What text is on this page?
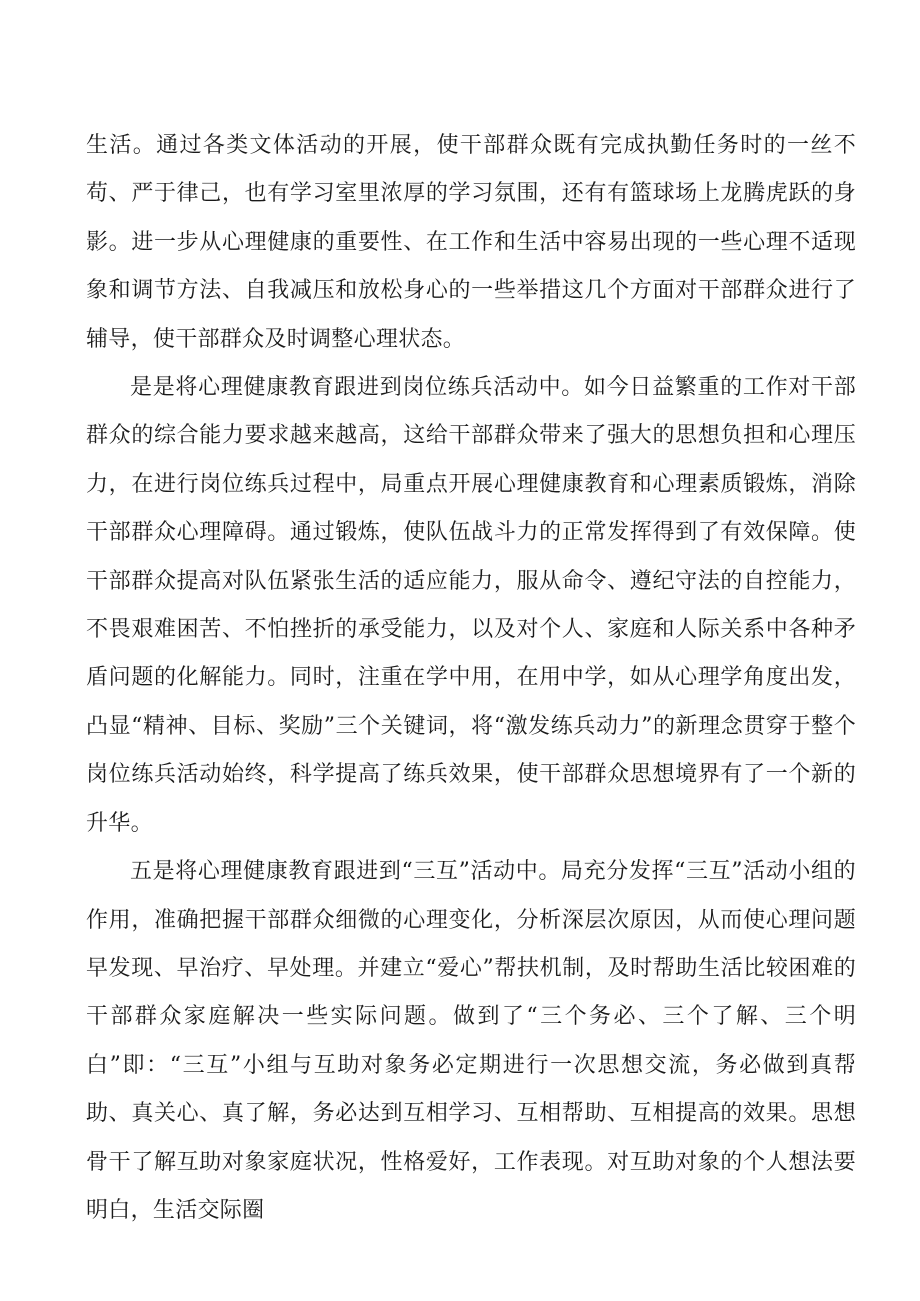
生活。通过各类文体活动的开展，使干部群众既有完成执勤任务时的一丝不苟、严于律己，也有学习室里浓厚的学习氛围，还有有篮球场上龙腾虎跃的身影。进一步从心理健康的重要性、在工作和生活中容易出现的一些心理不适现象和调节方法、自我减压和放松身心的一些举措这几个方面对干部群众进行了辅导，使干部群众及时调整心理状态。

是是将心理健康教育跟进到岗位练兵活动中。如今日益繁重的工作对干部群众的综合能力要求越来越高，这给干部群众带来了强大的思想负担和心理压力，在进行岗位练兵过程中，局重点开展心理健康教育和心理素质锻炼，消除干部群众心理障碍。通过锻炼，使队伍战斗力的正常发挥得到了有效保障。使干部群众提高对队伍紧张生活的适应能力，服从命令、遵纪守法的自控能力，不畏艰难困苦、不怕挫折的承受能力，以及对个人、家庭和人际关系中各种矛盾问题的化解能力。同时，注重在学中用，在用中学，如从心理学角度出发，凸显“精神、目标、奖励”三个关键词，将“激发练兵动力”的新理念贯穿于整个岗位练兵活动始终，科学提高了练兵效果，使干部群众思想境界有了一个新的升华。

五是将心理健康教育跟进到“三互”活动中。局充分发挥“三互”活动小组的作用，准确把握干部群众细微的心理变化，分析深层次原因，从而使心理问题早发现、早治疗、早处理。并建立“爱心”帮扶机制，及时帮助生活比较困难的干部群众家庭解决一些实际问题。做到了“三个务必、三个了解、三个明白”即：“三互”小组与互助对象务必定期进行一次思想交流，务必做到真帮助、真关心、真了解，务必达到互相学习、互相帮助、互相提高的效果。思想骨干了解互助对象家庭状况，性格爱好，工作表现。对互助对象的个人想法要明白，生活交际圈
